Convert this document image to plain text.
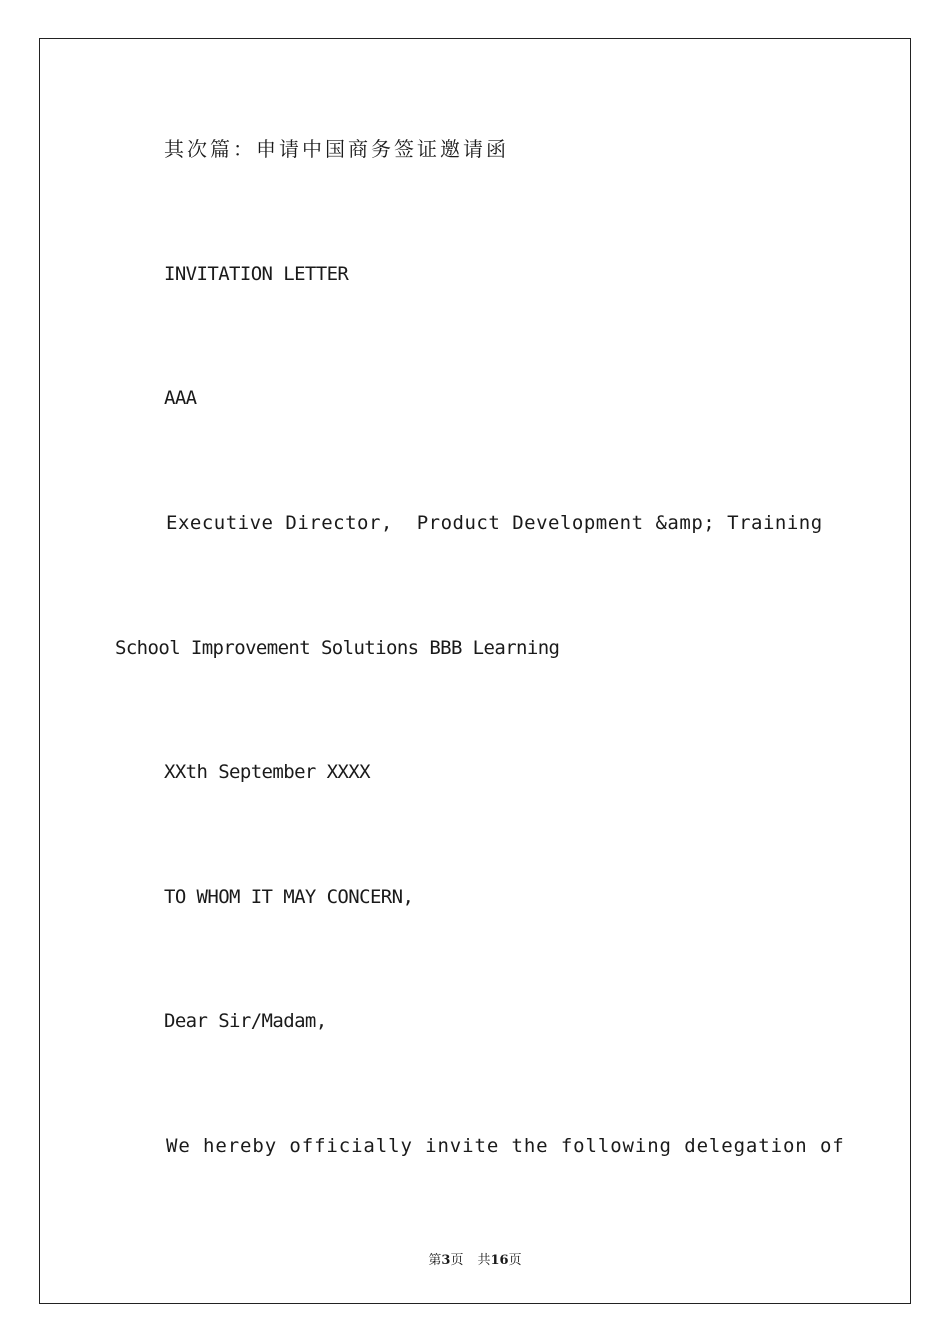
其次篇：申请中国商务签证邀请函
INVITATION LETTER
AAA
Executive Director,  Product Development &amp; Training
School Improvement Solutions BBB Learning
XXth September XXXX
TO WHOM IT MAY CONCERN,
Dear Sir/Madam,
We hereby officially invite the following delegation of
第3页 共16页
